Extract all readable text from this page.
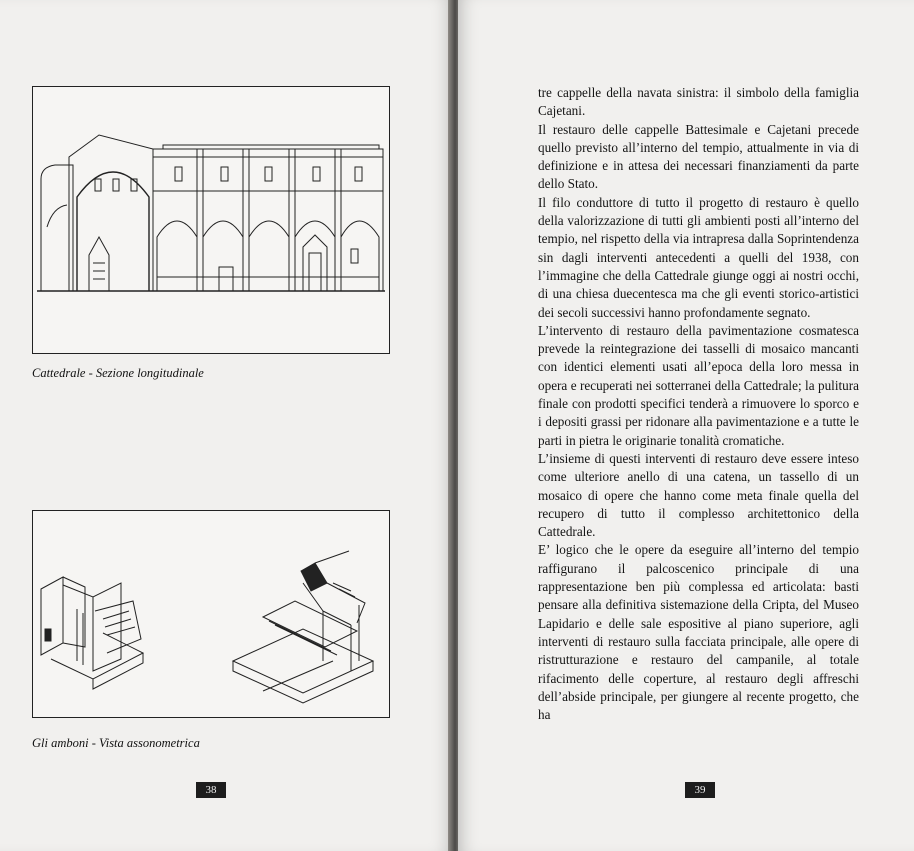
Cattedrale - Sezione longitudinale
Gli amboni - Vista assonometrica
38

tre cappelle della navata sinistra: il simbolo della famiglia Cajetani.

Il restauro delle cappelle Battesimale e Cajetani precede quello previsto all’interno del tempio, attualmente in via di definizione e in attesa dei necessari finanziamenti da parte dello Stato.

Il filo conduttore di tutto il progetto di restauro è quello della valorizzazione di tutti gli ambienti posti all’interno del tempio, nel rispetto della via intrapresa dalla Soprintendenza sin dagli interventi antecedenti a quelli del 1938, con l’immagine che della Cattedrale giunge oggi ai nostri occhi, di una chiesa duecentesca ma che gli eventi storico-artistici dei secoli successivi hanno profondamente segnato.

L’intervento di restauro della pavimentazione cosmatesca prevede la reintegrazione dei tasselli di mosaico mancanti con identici elementi usati all’epoca della loro messa in opera e recuperati nei sotterranei della Cattedrale; la pulitura finale con prodotti specifici tenderà a rimuovere lo sporco e i depositi grassi per ridonare alla pavimentazione e a tutte le parti in pietra le originarie tonalità cromatiche.

L’insieme di questi interventi di restauro deve essere inteso come ulteriore anello di una catena, un tassello di un mosaico di opere che hanno come meta finale quella del recupero di tutto il complesso architettonico della Cattedrale.

E’ logico che le opere da eseguire all’interno del tempio raffigurano il palcoscenico principale di una rappresentazione ben più complessa ed articolata: basti pensare alla definitiva sistemazione della Cripta, del Museo Lapidario e delle sale espositive al piano superiore, agli interventi di restauro sulla facciata principale, alle opere di ristrutturazione e restauro del campanile, al totale rifacimento delle coperture, al restauro degli affreschi dell’abside principale, per giungere al recente progetto, che ha

39
